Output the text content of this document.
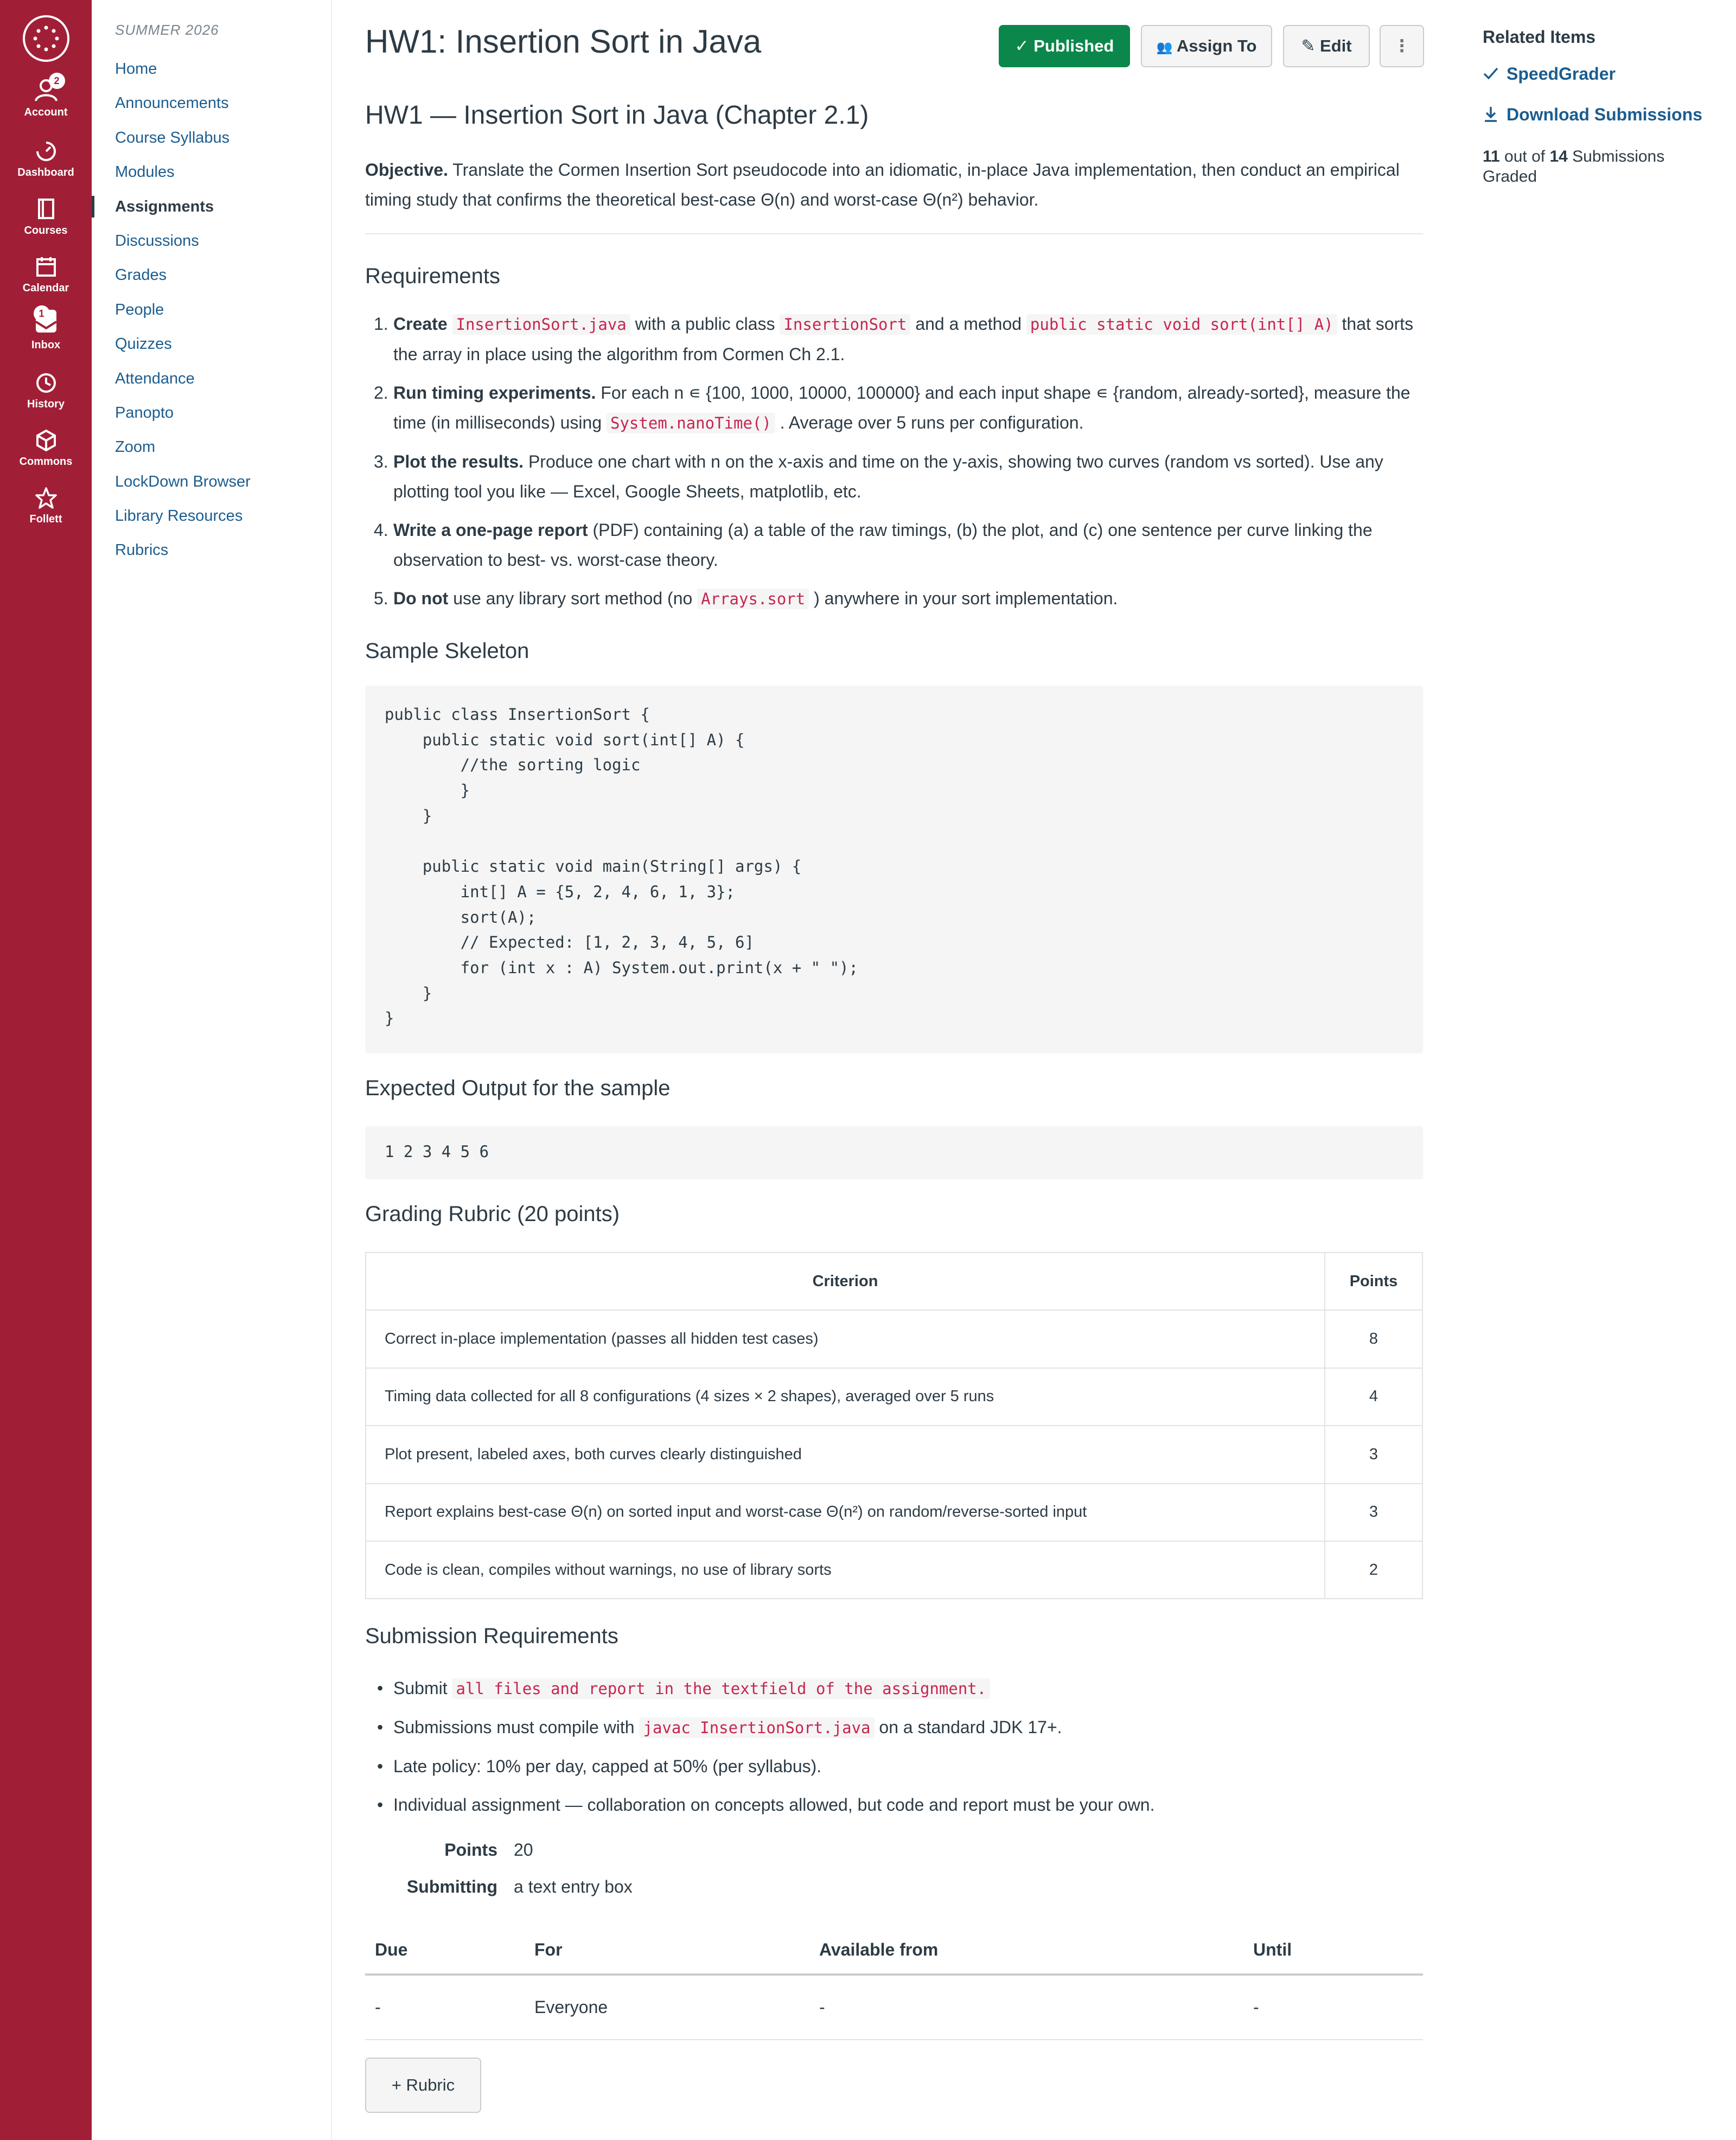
2
Account
Dashboard
Courses
Calendar
1
Inbox
History
Commons
Follett
SUMMER 2026
Home
Announcements
Course Syllabus
Modules
Assignments
Discussions
Grades
People
Quizzes
Attendance
Panopto
Zoom
LockDown Browser
Library Resources
Rubrics
HW1: Insertion Sort in Java	✓ Published	👥 Assign To	✎ Edit	⋮
HW1 — Insertion Sort in Java (Chapter 2.1)

Objective. Translate the Cormen Insertion Sort pseudocode into an idiomatic, in-place Java implementation, then conduct an empirical timing study that confirms the theoretical best-case Θ(n) and worst-case Θ(n²) behavior.

Requirements
1. Create InsertionSort.java with a public class InsertionSort and a method public static void sort(int[] A) that sorts the array in place using the algorithm from Cormen Ch 2.1.
2. Run timing experiments. For each n ∊ {100, 1000, 10000, 100000} and each input shape ∊ {random, already-sorted}, measure the time (in milliseconds) using System.nanoTime() . Average over 5 runs per configuration.
3. Plot the results. Produce one chart with n on the x-axis and time on the y-axis, showing two curves (random vs sorted). Use any plotting tool you like — Excel, Google Sheets, matplotlib, etc.
4. Write a one-page report (PDF) containing (a) a table of the raw timings, (b) the plot, and (c) one sentence per curve linking the observation to best- vs. worst-case theory.
5. Do not use any library sort method (no Arrays.sort ) anywhere in your sort implementation.
Sample Skeleton
public class InsertionSort {
public static void sort(int[] A) {
//the sorting logic
}
}

public static void main(String[] args) {
int[] A = {5, 2, 4, 6, 1, 3};
sort(A);
// Expected: [1, 2, 3, 4, 5, 6]
for (int x : A) System.out.print(x + " ");
}
}
Expected Output for the sample
1 2 3 4 5 6
Grading Rubric (20 points)
Criterion	Points
Correct in-place implementation (passes all hidden test cases)	8
Timing data collected for all 8 configurations (4 sizes × 2 shapes), averaged over 5 runs	4
Plot present, labeled axes, both curves clearly distinguished	3
Report explains best-case Θ(n) on sorted input and worst-case Θ(n²) on random/reverse-sorted input	3
Code is clean, compiles without warnings, no use of library sorts	2
Submission Requirements
• Submit all files and report in the textfield of the assignment.
• Submissions must compile with javac InsertionSort.java on a standard JDK 17+.
• Late policy: 10% per day, capped at 50% (per syllabus).
• Individual assignment — collaboration on concepts allowed, but code and report must be your own.
Points 20
Submitting a text entry box
Due	For	Available from	Until
-	Everyone	-	-
+ Rubric
Related Items
SpeedGrader
Download Submissions
11 out of 14 Submissions Graded
